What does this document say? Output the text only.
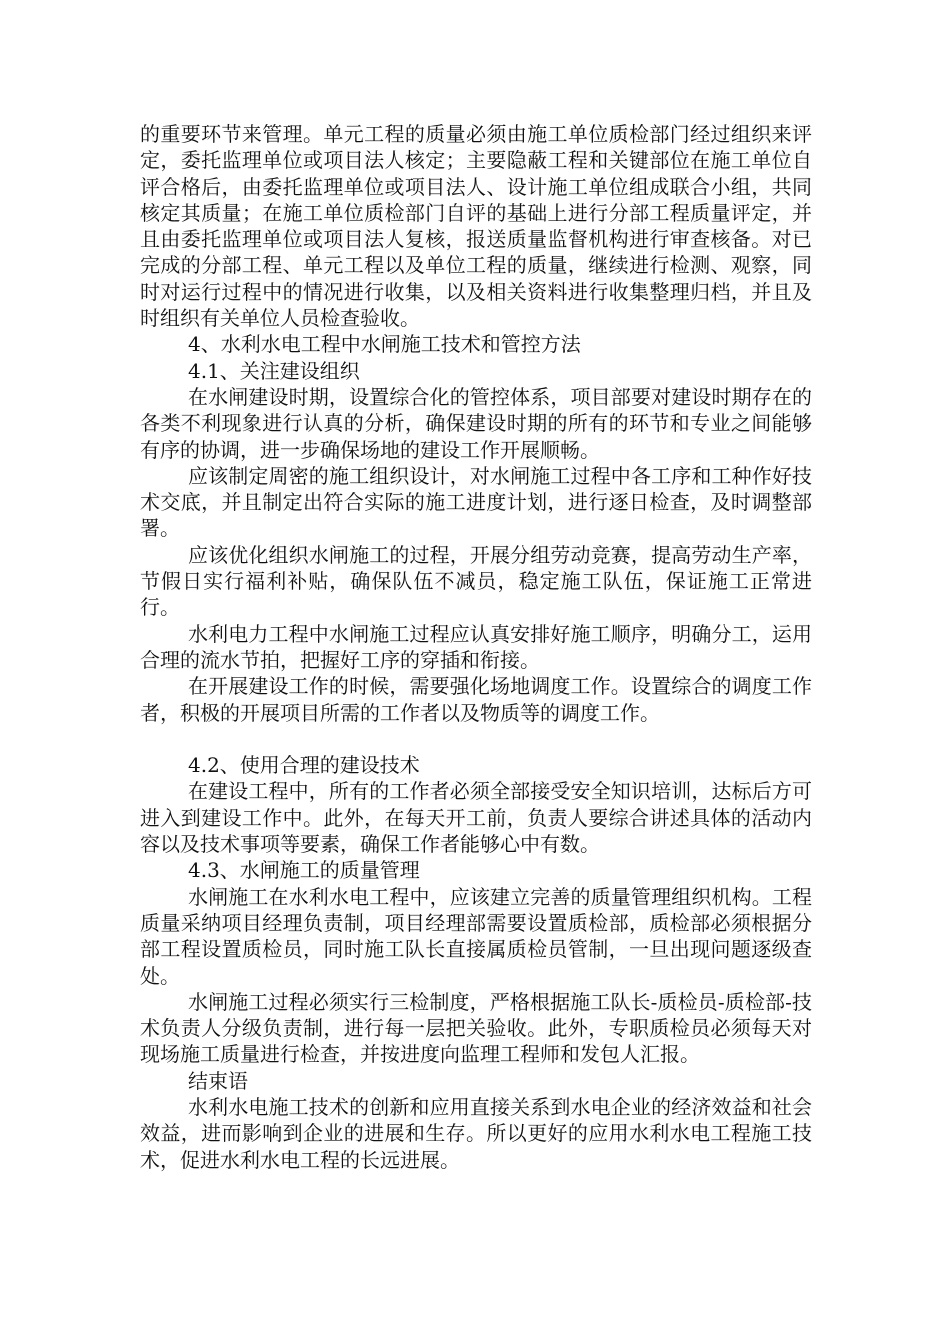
的重要环节来管理。单元工程的质量必须由施工单位质检部门经过组织来评定，委托监理单位或项目法人核定；主要隐蔽工程和关键部位在施工单位自评合格后，由委托监理单位或项目法人、设计施工单位组成联合小组，共同核定其质量；在施工单位质检部门自评的基础上进行分部工程质量评定，并且由委托监理单位或项目法人复核，报送质量监督机构进行审查核备。对已完成的分部工程、单元工程以及单位工程的质量，继续进行检测、观察，同时对运行过程中的情况进行收集，以及相关资料进行收集整理归档，并且及时组织有关单位人员检查验收。

4、水利水电工程中水闸施工技术和管控方法

4.1、关注建设组织

在水闸建设时期，设置综合化的管控体系，项目部要对建设时期存在的各类不利现象进行认真的分析，确保建设时期的所有的环节和专业之间能够有序的协调，进一步确保场地的建设工作开展顺畅。

应该制定周密的施工组织设计，对水闸施工过程中各工序和工种作好技术交底，并且制定出符合实际的施工进度计划，进行逐日检查，及时调整部署。

应该优化组织水闸施工的过程，开展分组劳动竞赛，提高劳动生产率，节假日实行福利补贴，确保队伍不减员，稳定施工队伍，保证施工正常进行。

水利电力工程中水闸施工过程应认真安排好施工顺序，明确分工，运用合理的流水节拍，把握好工序的穿插和衔接。

在开展建设工作的时候，需要强化场地调度工作。设置综合的调度工作者，积极的开展项目所需的工作者以及物质等的调度工作。

4.2、使用合理的建设技术

在建设工程中，所有的工作者必须全部接受安全知识培训，达标后方可进入到建设工作中。此外，在每天开工前，负责人要综合讲述具体的活动内容以及技术事项等要素，确保工作者能够心中有数。

4.3、水闸施工的质量管理

水闸施工在水利水电工程中，应该建立完善的质量管理组织机构。工程质量采纳项目经理负责制，项目经理部需要设置质检部，质检部必须根据分部工程设置质检员，同时施工队长直接属质检员管制，一旦出现问题逐级查处。

水闸施工过程必须实行三检制度，严格根据施工队长-质检员-质检部-技术负责人分级负责制，进行每一层把关验收。此外，专职质检员必须每天对现场施工质量进行检查，并按进度向监理工程师和发包人汇报。

结束语

水利水电施工技术的创新和应用直接关系到水电企业的经济效益和社会效益，进而影响到企业的进展和生存。所以更好的应用水利水电工程施工技术，促进水利水电工程的长远进展。
